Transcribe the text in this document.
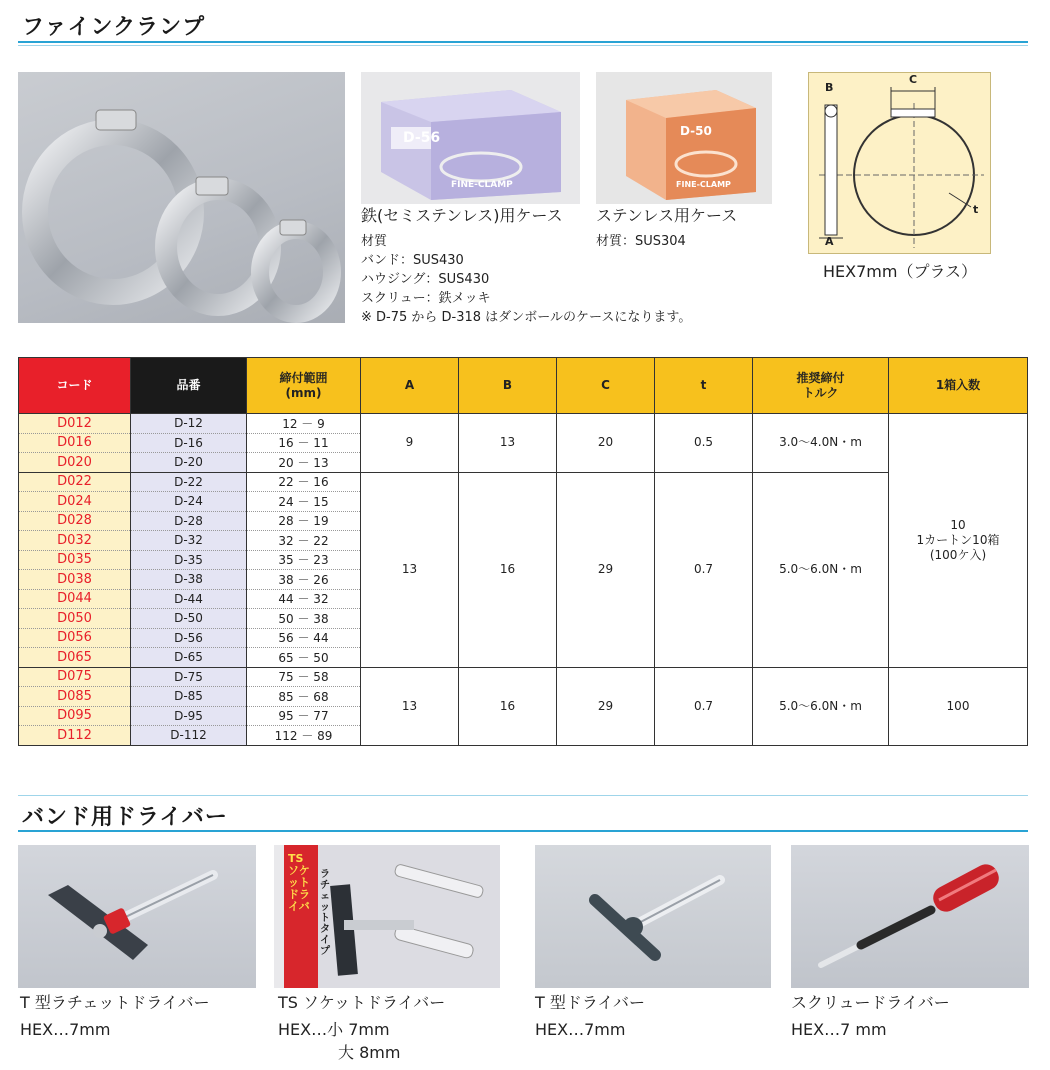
ファインクランプ
D-56
FINE-CLAMP
D-50
FINE-CLAMP
鉄(セミステンレス)用ケース
材質
バンド：SUS430
ハウジング：SUS430
スクリュー：鉄メッキ
※ D-75 から D-318 はダンボールのケースになります。
ステンレス用ケース
材質：SUS304
B
C
A
t
HEX7mm（プラス）
コード	品番	締付範囲
(mm)	A	B	C	t	推奨締付
トルク	1箱入数
D012	D-12	12 － 9	9	13	20	0.5	3.0～4.0N・m	10
1カートン10箱
(100ケ入)
D016	D-16	16 － 11						
D020	D-20	20 － 13						
D022	D-22	22 － 16	13	16	29	0.7	5.0～6.0N・m	
D024	D-24	24 － 15						
D028	D-28	28 － 19						
D032	D-32	32 － 22						
D035	D-35	35 － 23						
D038	D-38	38 － 26						
D044	D-44	44 － 32						
D050	D-50	50 － 38						
D056	D-56	56 － 44						
D065	D-65	65 － 50						
D075	D-75	75 － 58	13	16	29	0.7	5.0～6.0N・m	100
D085	D-85	85 － 68						
D095	D-95	95 － 77						
D112	D-112	112 － 89						
バンド用ドライバー
TSソケットドライバ
ラチェットタイプ
T 型ラチェットドライバー
HEX…7mm
TS ソケットドライバー
HEX…小 7mm
大 8mm
T 型ドライバー
HEX…7mm
スクリュードライバー
HEX…7 mm
